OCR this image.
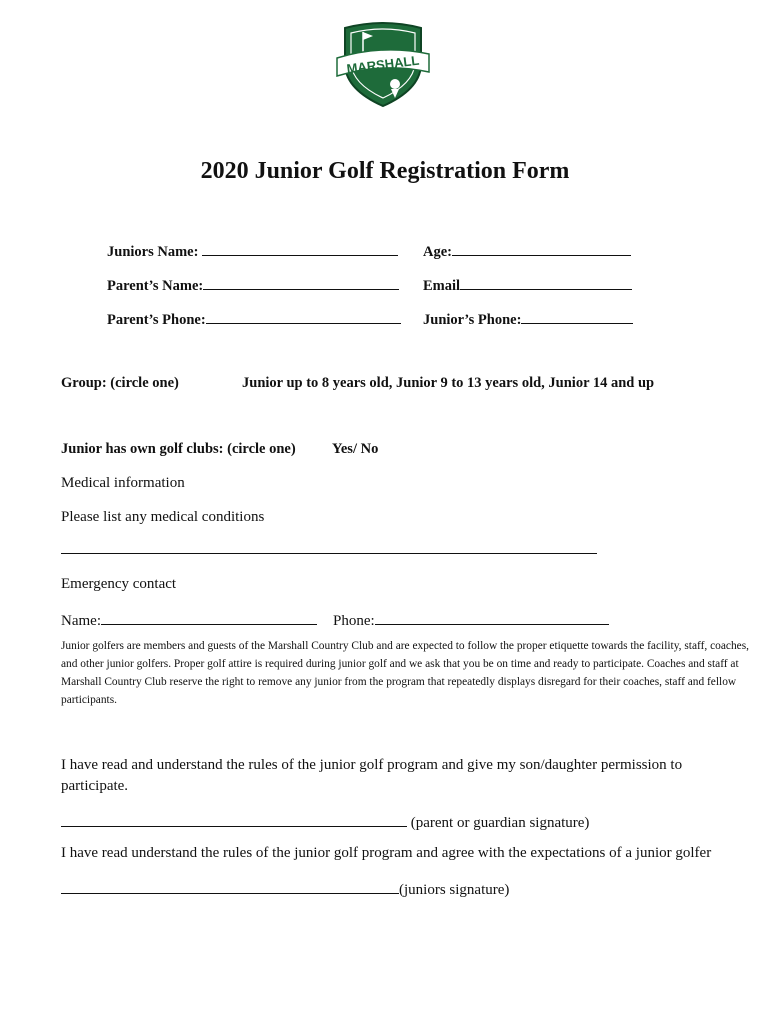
MARSHALL
2020 Junior Golf Registration Form
Juniors Name:	Age:
Parent’s Name:	Email
Parent’s Phone:	Junior’s Phone:
Group: (circle one)	Junior up to 8 years old, Junior 9 to 13 years old, Junior 14 and up
Junior has own golf clubs: (circle one)	Yes/ No
Medical information
Please list any medical conditions
Emergency contact
Name:	Phone:
Junior golfers are members and guests of the Marshall Country Club and are expected to follow the proper etiquette towards the facility, staff, coaches, and other junior golfers. Proper golf attire is required during junior golf and we ask that you be on time and ready to participate. Coaches and staff at Marshall Country Club reserve the right to remove any junior from the program that repeatedly displays disregard for their coaches, staff and fellow participants.
I have read and understand the rules of the junior golf program and give my son/daughter permission to
participate.
(parent or guardian signature)
I have read understand the rules of the junior golf program and agree with the expectations of a junior golfer
(juniors signature)
